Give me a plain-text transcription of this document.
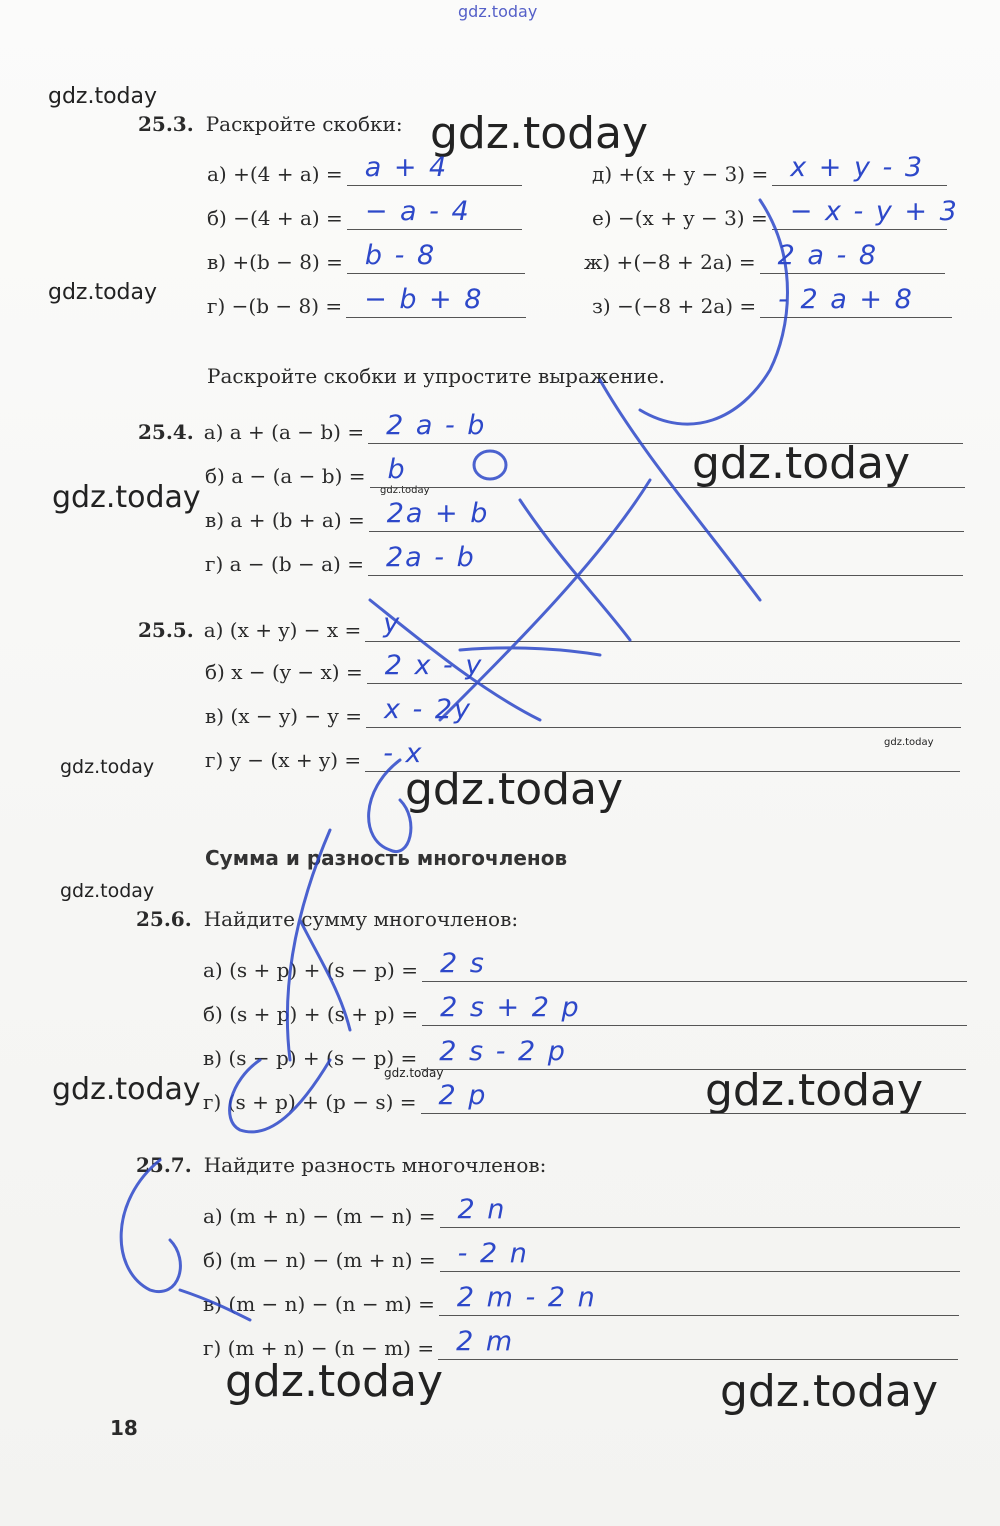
gdz.today
gdz.today
gdz.today
gdz.today
gdz.today
gdz.today	gdz.today
gdz.today
gdz.today	gdz.today
gdz.today
gdz.today	gdz.today	gdz.today
gdz.today	gdz.today
25.3. Раскройте скобки:
а) +(4 + a) = a + 4
б) −(4 + a) = − a - 4
в) +(b − 8) = b - 8
г) −(b − 8) = − b + 8
д) +(x + y − 3) = x + y - 3
е) −(x + y − 3) = − x - y + 3
ж) +(−8 + 2a) = 2 a - 8
з) −(−8 + 2a) = - 2 a + 8
Раскройте скобки и упростите выражение.
25.4. а) a + (a − b) = 2 a - b
б) a − (a − b) = b
в) a + (b + a) = 2a + b
г) a − (b − a) = 2a - b
25.5. а) (x + y) − x = y
б) x − (y − x) = 2 x - y
в) (x − y) − y = x - 2y
г) y − (x + y) = - x
Сумма и разность многочленов
25.6. Найдите сумму многочленов:
а) (s + p) + (s − p) = 2 s
б) (s + p) + (s + p) = 2 s + 2 p
в) (s − p) + (s − p) = 2 s - 2 p
г) (s + p) + (p − s) = 2 p
25.7. Найдите разность многочленов:
а) (m + n) − (m − n) = 2 n
б) (m − n) − (m + n) = - 2 n
в) (m − n) − (n − m) = 2 m - 2 n
г) (m + n) − (n − m) = 2 m
18
